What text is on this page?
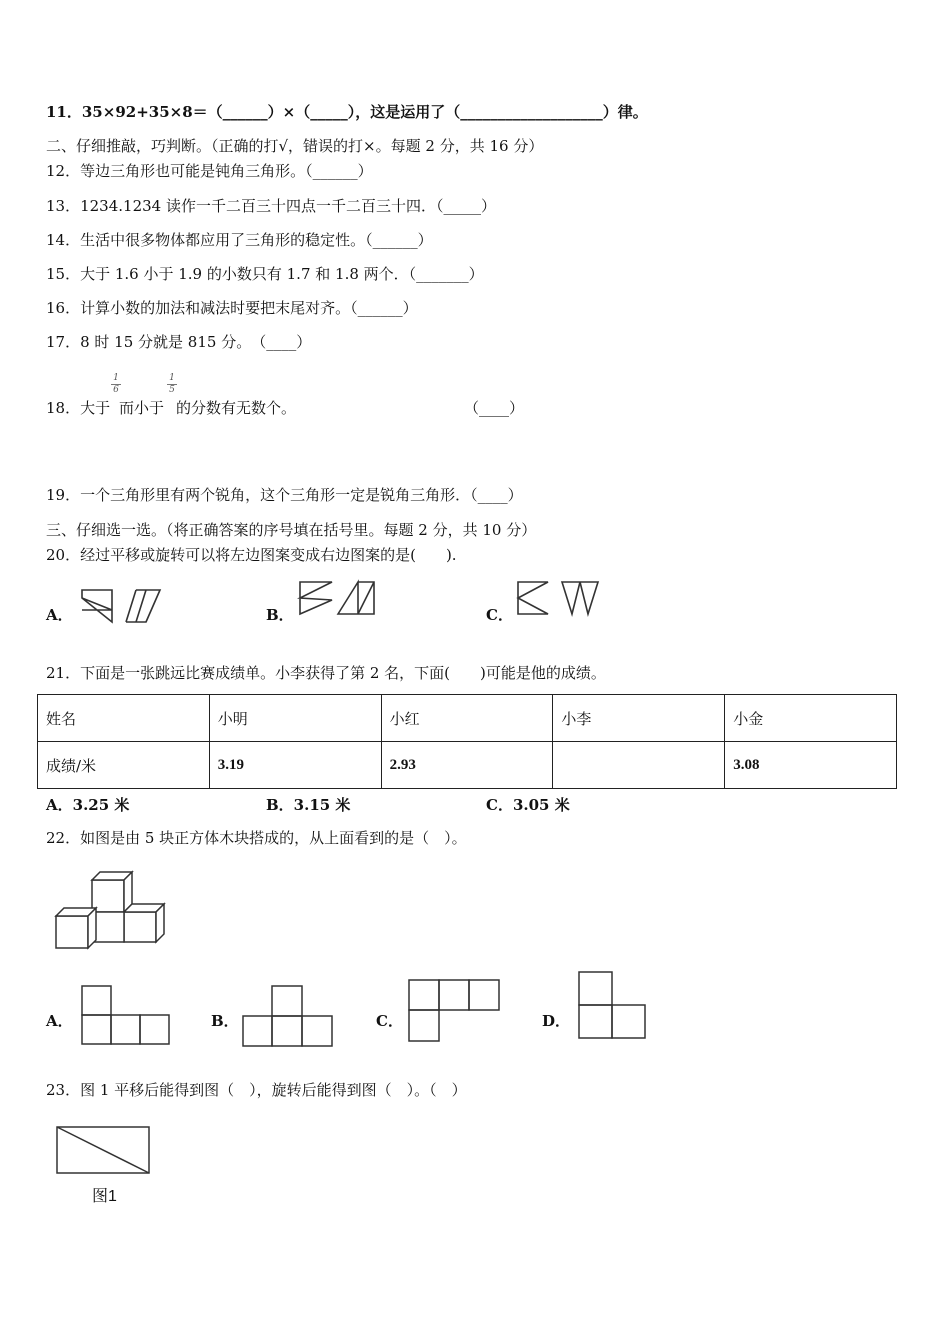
11．35×92+35×8＝（______）×（_____），这是运用了（___________________）律。
二、仔细推敲，巧判断。（正确的打√，错误的打×。每题 2 分，共 16 分）
12．等边三角形也可能是钝角三角形。（______）
13．1234.1234 读作一千二百三十四点一千二百三十四．（_____）
14．生活中很多物体都应用了三角形的稳定性。（______）
15．大于 1.6 小于 1.9 的小数只有 1.7 和 1.8 两个．（_______）
16．计算小数的加法和减法时要把末尾对齐。（______）
17．8 时 15 分就是 815 分。　（____）
18．大于
1
6
而小于
1
5
的分数有无数个。	（____）
19．一个三角形里有两个锐角，这个三角形一定是锐角三角形．（____）
三、仔细选一选。（将正确答案的序号填在括号里。每题 2 分，共 10 分）
20．经过平移或旋转可以将左边图案变成右边图案的是(　　).
A．	B．	C．
21．下面是一张跳远比赛成绩单。小李获得了第 2 名，下面(　　)可能是他的成绩。
姓名	小明	小红	小李	小金
成绩/米	3.19	2.93		3.08
A．3.25 米	B．3.15 米	C．3.05 米
22．如图是由 5 块正方体木块搭成的，从上面看到的是（　）。
A．	B．	C．	D．
23．图 1 平移后能得到图（　），旋转后能得到图（　）。（　）
图1
